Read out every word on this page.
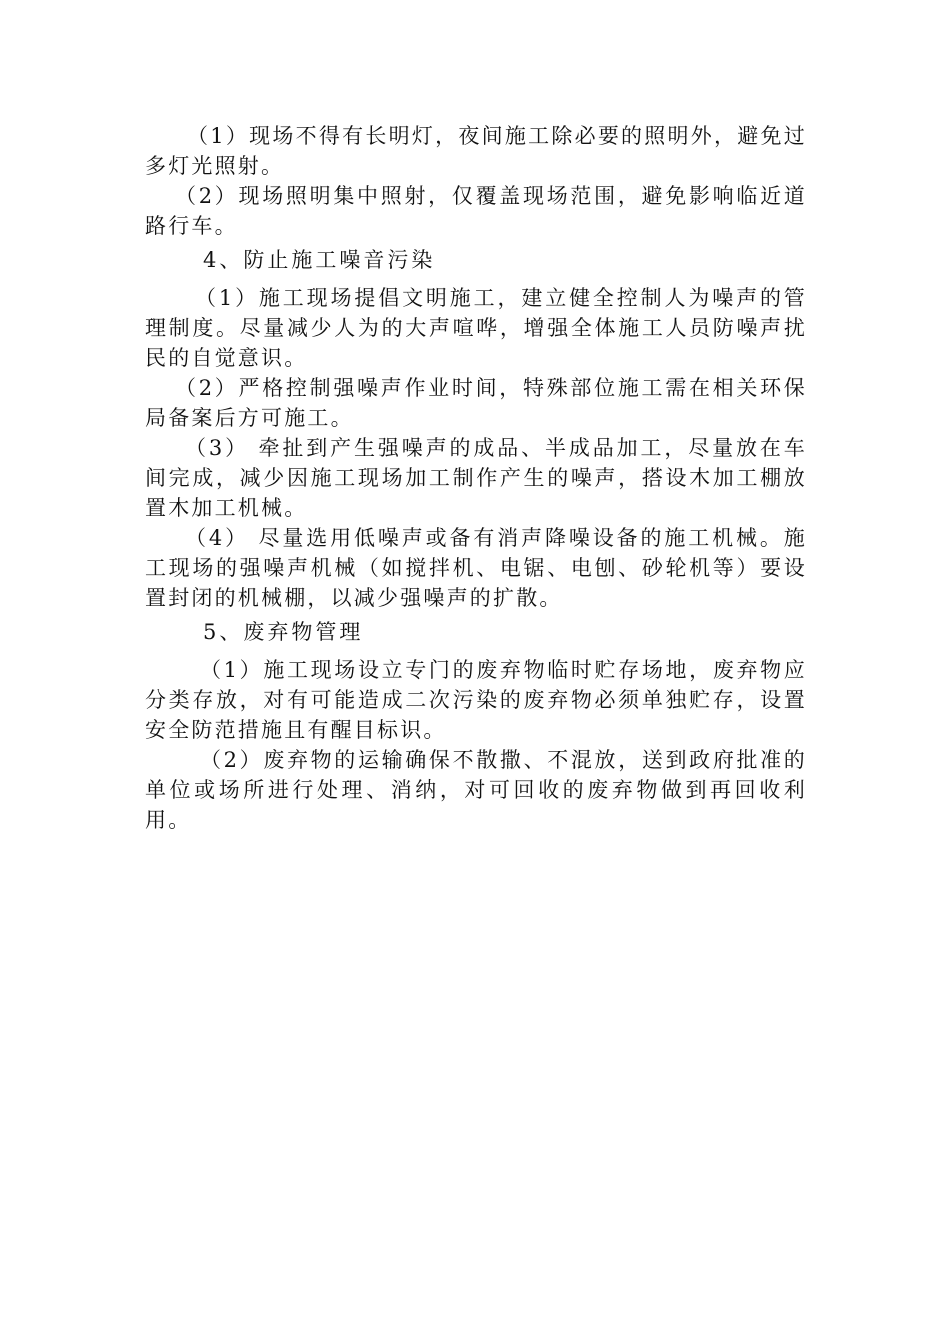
（1）现场不得有长明灯，夜间施工除必要的照明外，避免过多灯光照射。

（2）现场照明集中照射，仅覆盖现场范围，避免影响临近道路行车。

4、防止施工噪音污染

（1）施工现场提倡文明施工，建立健全控制人为噪声的管理制度。尽量减少人为的大声喧哗，增强全体施工人员防噪声扰民的自觉意识。

（2）严格控制强噪声作业时间，特殊部位施工需在相关环保局备案后方可施工。

（3） 牵扯到产生强噪声的成品、半成品加工，尽量放在车间完成，减少因施工现场加工制作产生的噪声，搭设木加工棚放置木加工机械。

（4） 尽量选用低噪声或备有消声降噪设备的施工机械。施工现场的强噪声机械（如搅拌机、电锯、电刨、砂轮机等）要设置封闭的机械棚，以减少强噪声的扩散。

5、废弃物管理

（1）施工现场设立专门的废弃物临时贮存场地，废弃物应分类存放，对有可能造成二次污染的废弃物必须单独贮存，设置安全防范措施且有醒目标识。

（2）废弃物的运输确保不散撒、不混放，送到政府批准的单位或场所进行处理、消纳，对可回收的废弃物做到再回收利用。
